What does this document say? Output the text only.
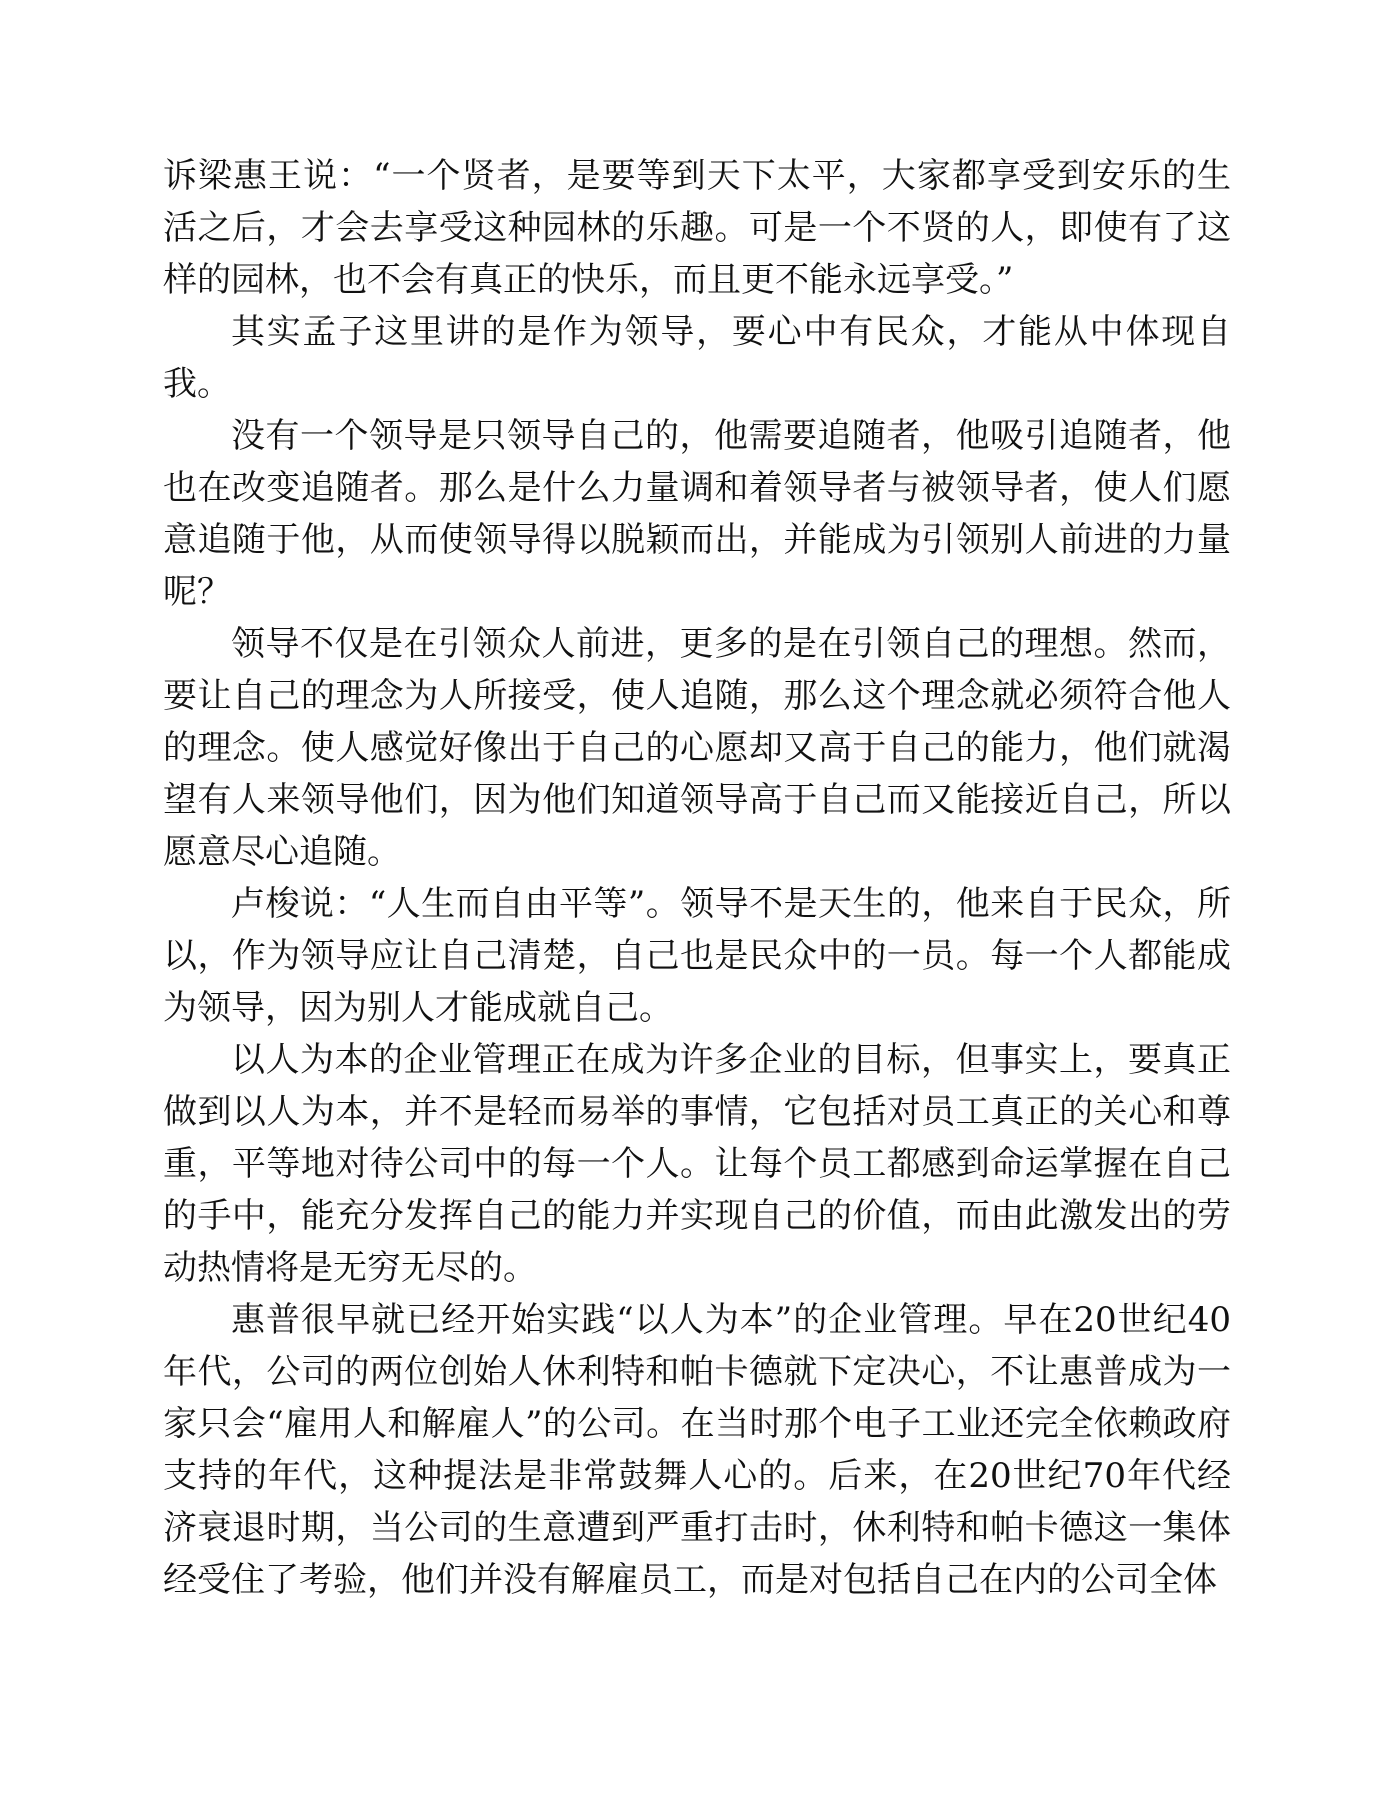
诉梁惠王说：“一个贤者，是要等到天下太平，大家都享受到安乐的生活之后，才会去享受这种园林的乐趣。可是一个不贤的人，即使有了这样的园林，也不会有真正的快乐，而且更不能永远享受。”

其实孟子这里讲的是作为领导，要心中有民众，才能从中体现自我。

没有一个领导是只领导自己的，他需要追随者，他吸引追随者，他也在改变追随者。那么是什么力量调和着领导者与被领导者，使人们愿意追随于他，从而使领导得以脱颖而出，并能成为引领别人前进的力量呢？

领导不仅是在引领众人前进，更多的是在引领自己的理想。然而，要让自己的理念为人所接受，使人追随，那么这个理念就必须符合他人的理念。使人感觉好像出于自己的心愿却又高于自己的能力，他们就渴望有人来领导他们，因为他们知道领导高于自己而又能接近自己，所以愿意尽心追随。

卢梭说：“人生而自由平等”。领导不是天生的，他来自于民众，所以，作为领导应让自己清楚，自己也是民众中的一员。每一个人都能成为领导，因为别人才能成就自己。

以人为本的企业管理正在成为许多企业的目标，但事实上，要真正做到以人为本，并不是轻而易举的事情，它包括对员工真正的关心和尊重，平等地对待公司中的每一个人。让每个员工都感到命运掌握在自己的手中，能充分发挥自己的能力并实现自己的价值，而由此激发出的劳动热情将是无穷无尽的。

惠普很早就已经开始实践“以人为本”的企业管理。早在20世纪40年代，公司的两位创始人休利特和帕卡德就下定决心，不让惠普成为一家只会“雇用人和解雇人”的公司。在当时那个电子工业还完全依赖政府支持的年代，这种提法是非常鼓舞人心的。后来，在20世纪70年代经济衰退时期，当公司的生意遭到严重打击时，休利特和帕卡德这一集体经受住了考验，他们并没有解雇员工，而是对包括自己在内的公司全体
